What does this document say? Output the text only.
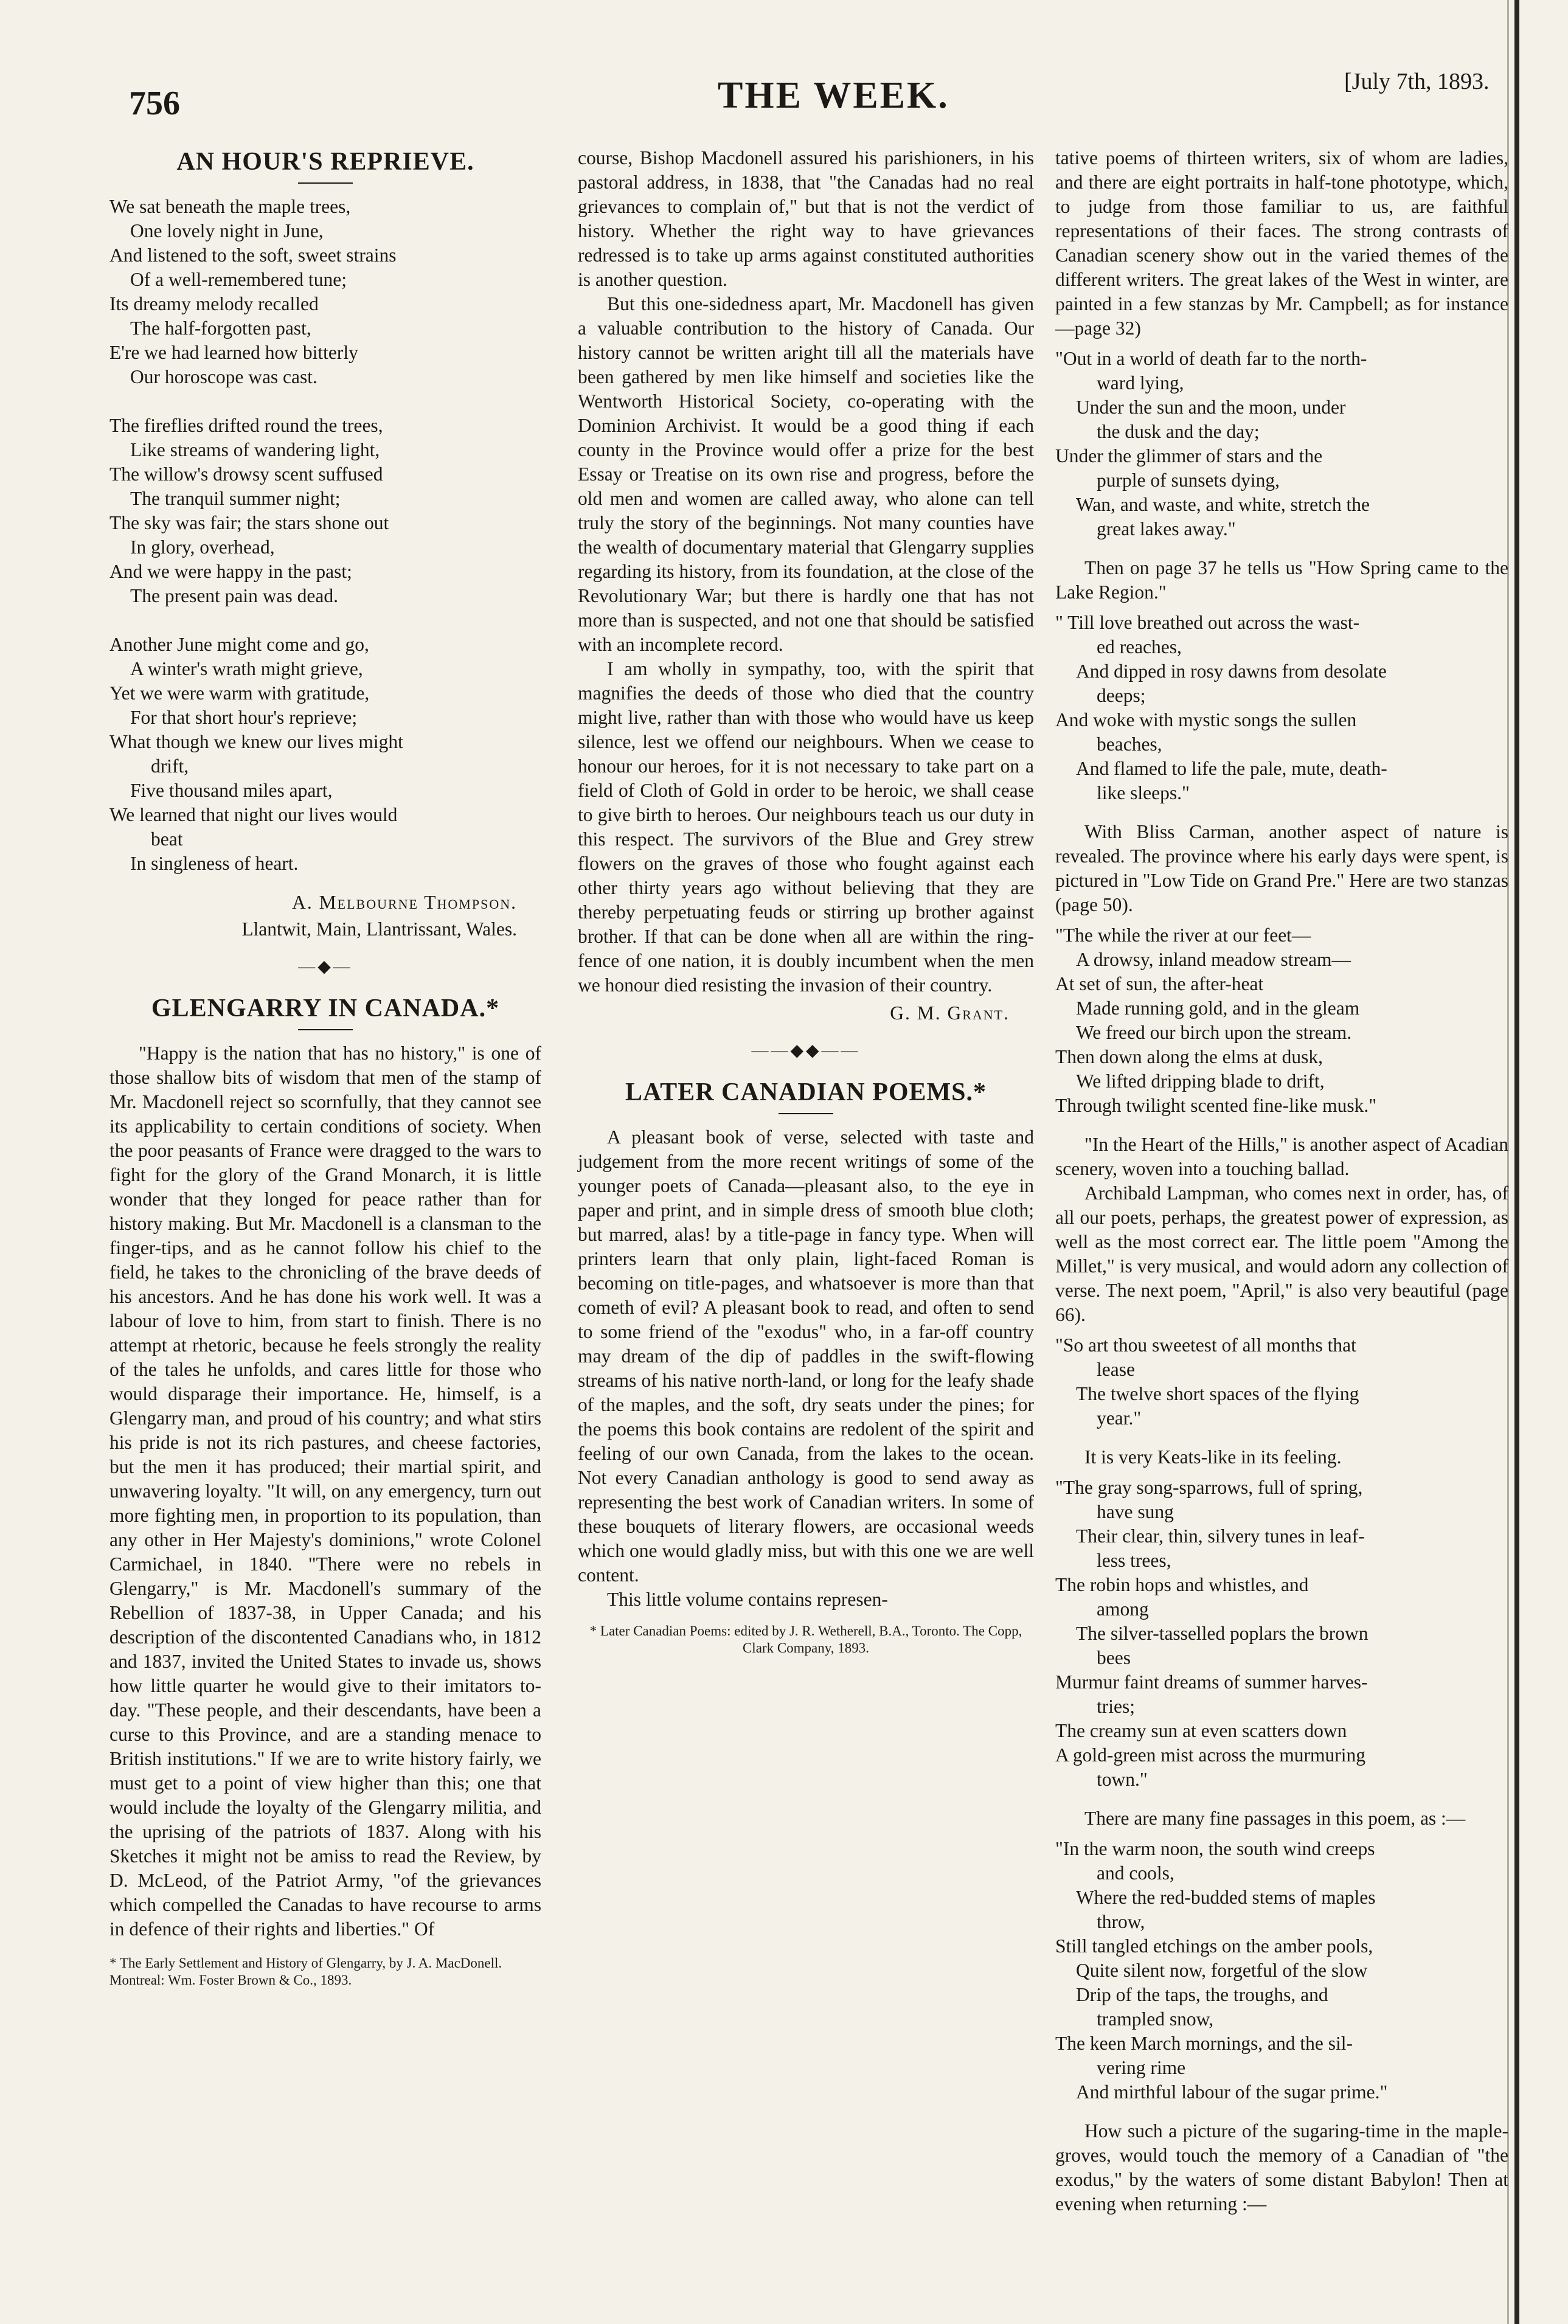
756	THE WEEK.	[July 7th, 1893.
AN HOUR'S REPRIEVE.
We sat beneath the maple trees,
One lovely night in June,
And listened to the soft, sweet strains
Of a well-remembered tune;
Its dreamy melody recalled
The half-forgotten past,
E're we had learned how bitterly
Our horoscope was cast.

The fireflies drifted round the trees,
Like streams of wandering light,
The willow's drowsy scent suffused
The tranquil summer night;
The sky was fair; the stars shone out
In glory, overhead,
And we were happy in the past;
The present pain was dead.

Another June might come and go,
A winter's wrath might grieve,
Yet we were warm with gratitude,
For that short hour's reprieve;
What though we knew our lives might
drift,
Five thousand miles apart,
We learned that night our lives would
beat
In singleness of heart.
A. Melbourne Thompson.
Llantwit, Main, Llantrissant, Wales.
—◆—
GLENGARRY IN CANADA.*

"Happy is the nation that has no history," is one of those shallow bits of wisdom that men of the stamp of Mr. Macdonell reject so scornfully, that they cannot see its applicability to certain conditions of society. When the poor peasants of France were dragged to the wars to fight for the glory of the Grand Monarch, it is little wonder that they longed for peace rather than for history making. But Mr. Macdonell is a clansman to the finger-tips, and as he cannot follow his chief to the field, he takes to the chronicling of the brave deeds of his ancestors. And he has done his work well. It was a labour of love to him, from start to finish. There is no attempt at rhetoric, because he feels strongly the reality of the tales he unfolds, and cares little for those who would disparage their importance. He, himself, is a Glengarry man, and proud of his country; and what stirs his pride is not its rich pastures, and cheese factories, but the men it has produced; their martial spirit, and unwavering loyalty. "It will, on any emergency, turn out more fighting men, in proportion to its population, than any other in Her Majesty's dominions," wrote Colonel Carmichael, in 1840. "There were no rebels in Glengarry," is Mr. Macdonell's summary of the Rebellion of 1837-38, in Upper Canada; and his description of the discontented Canadians who, in 1812 and 1837, invited the United States to invade us, shows how little quarter he would give to their imitators to-day. "These people, and their descendants, have been a curse to this Province, and are a standing menace to British institutions." If we are to write history fairly, we must get to a point of view higher than this; one that would include the loyalty of the Glengarry militia, and the uprising of the patriots of 1837. Along with his Sketches it might not be amiss to read the Review, by D. McLeod, of the Patriot Army, "of the grievances which compelled the Canadas to have recourse to arms in defence of their rights and liberties." Of

* The Early Settlement and History of Glengarry, by J. A. MacDonell. Montreal: Wm. Foster Brown & Co., 1893.

course, Bishop Macdonell assured his parishioners, in his pastoral address, in 1838, that "the Canadas had no real grievances to complain of," but that is not the verdict of history. Whether the right way to have grievances redressed is to take up arms against constituted authorities is another question.

But this one-sidedness apart, Mr. Macdonell has given a valuable contribution to the history of Canada. Our history cannot be written aright till all the materials have been gathered by men like himself and societies like the Wentworth Historical Society, co-operating with the Dominion Archivist. It would be a good thing if each county in the Province would offer a prize for the best Essay or Treatise on its own rise and progress, before the old men and women are called away, who alone can tell truly the story of the beginnings. Not many counties have the wealth of documentary material that Glengarry supplies regarding its history, from its foundation, at the close of the Revolutionary War; but there is hardly one that has not more than is suspected, and not one that should be satisfied with an incomplete record.

I am wholly in sympathy, too, with the spirit that magnifies the deeds of those who died that the country might live, rather than with those who would have us keep silence, lest we offend our neighbours. When we cease to honour our heroes, for it is not necessary to take part on a field of Cloth of Gold in order to be heroic, we shall cease to give birth to heroes. Our neighbours teach us our duty in this respect. The survivors of the Blue and Grey strew flowers on the graves of those who fought against each other thirty years ago without believing that they are thereby perpetuating feuds or stirring up brother against brother. If that can be done when all are within the ring-fence of one nation, it is doubly incumbent when the men we honour died resisting the invasion of their country.

G. M. Grant.
——◆◆——
LATER CANADIAN POEMS.*

A pleasant book of verse, selected with taste and judgement from the more recent writings of some of the younger poets of Canada—pleasant also, to the eye in paper and print, and in simple dress of smooth blue cloth; but marred, alas! by a title-page in fancy type. When will printers learn that only plain, light-faced Roman is becoming on title-pages, and whatsoever is more than that cometh of evil? A pleasant book to read, and often to send to some friend of the "exodus" who, in a far-off country may dream of the dip of paddles in the swift-flowing streams of his native north-land, or long for the leafy shade of the maples, and the soft, dry seats under the pines; for the poems this book contains are redolent of the spirit and feeling of our own Canada, from the lakes to the ocean. Not every Canadian anthology is good to send away as representing the best work of Canadian writers. In some of these bouquets of literary flowers, are occasional weeds which one would gladly miss, but with this one we are well content.

This little volume contains represen-

* Later Canadian Poems: edited by J. R. Wetherell, B.A., Toronto. The Copp, Clark Company, 1893.

tative poems of thirteen writers, six of whom are ladies, and there are eight portraits in half-tone phototype, which, to judge from those familiar to us, are faithful representations of their faces. The strong contrasts of Canadian scenery show out in the varied themes of the different writers. The great lakes of the West in winter, are painted in a few stanzas by Mr. Campbell; as for instance—page 32)

"Out in a world of death far to the north-
ward lying,
Under the sun and the moon, under
the dusk and the day;
Under the glimmer of stars and the
purple of sunsets dying,
Wan, and waste, and white, stretch the
great lakes away."

Then on page 37 he tells us "How Spring came to the Lake Region."

" Till love breathed out across the wast-
ed reaches,
And dipped in rosy dawns from desolate
deeps;
And woke with mystic songs the sullen
beaches,
And flamed to life the pale, mute, death-
like sleeps."

With Bliss Carman, another aspect of nature is revealed. The province where his early days were spent, is pictured in "Low Tide on Grand Pre." Here are two stanzas (page 50).

"The while the river at our feet—
A drowsy, inland meadow stream—
At set of sun, the after-heat
Made running gold, and in the gleam
We freed our birch upon the stream.
Then down along the elms at dusk,
We lifted dripping blade to drift,
Through twilight scented fine-like musk."

"In the Heart of the Hills," is another aspect of Acadian scenery, woven into a touching ballad.

Archibald Lampman, who comes next in order, has, of all our poets, perhaps, the greatest power of expression, as well as the most correct ear. The little poem "Among the Millet," is very musical, and would adorn any collection of verse. The next poem, "April," is also very beautiful (page 66).

"So art thou sweetest of all months that
lease
The twelve short spaces of the flying
year."

It is very Keats-like in its feeling.

"The gray song-sparrows, full of spring,
have sung
Their clear, thin, silvery tunes in leaf-
less trees,
The robin hops and whistles, and
among
The silver-tasselled poplars the brown
bees
Murmur faint dreams of summer harves-
tries;
The creamy sun at even scatters down
A gold-green mist across the murmuring
town."

There are many fine passages in this poem, as :—

"In the warm noon, the south wind creeps
and cools,
Where the red-budded stems of maples
throw,
Still tangled etchings on the amber pools,
Quite silent now, forgetful of the slow
Drip of the taps, the troughs, and
trampled snow,
The keen March mornings, and the sil-
vering rime
And mirthful labour of the sugar prime."

How such a picture of the sugaring-time in the maple-groves, would touch the memory of a Canadian of "the exodus," by the waters of some distant Babylon! Then at evening when returning :—
